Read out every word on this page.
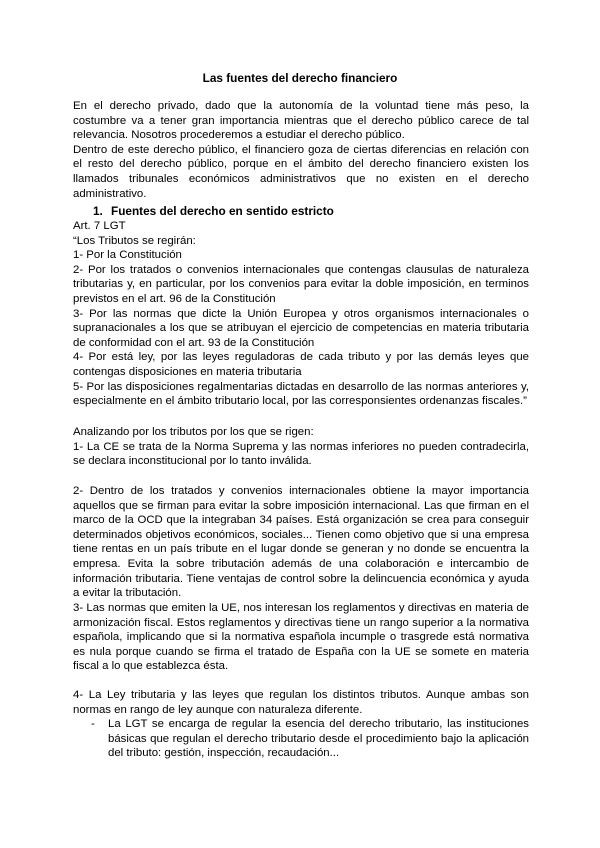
Las fuentes del derecho financiero

En el derecho privado, dado que la autonomía de la voluntad tiene más peso, la costumbre va a tener gran importancia mientras que el derecho público carece de tal relevancia. Nosotros procederemos a estudiar el derecho público.

Dentro de este derecho público, el financiero goza de ciertas diferencias en relación con el resto del derecho público, porque en el ámbito del derecho financiero existen los llamados tribunales económicos administrativos que no existen en el derecho administrativo.

1. Fuentes del derecho en sentido estricto

Art. 7 LGT

“Los Tributos se regirán:

1- Por la Constitución

2- Por los tratados o convenios internacionales que contengas clausulas de naturaleza tributarias y, en particular, por los convenios para evitar la doble imposición, en terminos previstos en el art. 96 de la Constitución

3- Por las normas que dicte la Unión Europea y otros organismos internacionales o supranacionales a los que se atribuyan el ejercicio de competencias en materia tributaria de conformidad con el art. 93 de la Constitución

4- Por está ley, por las leyes reguladoras de cada tributo y por las demás leyes que contengas disposiciones en materia tributaria

5- Por las disposiciones regalmentarias dictadas en desarrollo de las normas anteriores y, especialmente en el ámbito tributario local, por las corresponsientes ordenanzas fiscales.”

Analizando por los tributos por los que se rigen:

1- La CE se trata de la Norma Suprema y las normas inferiores no pueden contradecirla, se declara inconstitucional por lo tanto inválida.

2- Dentro de los tratados y convenios internacionales obtiene la mayor importancia aquellos que se firman para evitar la sobre imposición internacional. Las que firman en el marco de la OCD que la integraban 34 países. Está organización se crea para conseguir determinados objetivos económicos, sociales... Tienen como objetivo que si una empresa tiene rentas en un país tribute en el lugar donde se generan y no donde se encuentra la empresa. Evita la sobre tributación además de una colaboración e intercambio de información tributaria. Tiene ventajas de control sobre la delincuencia económica y ayuda a evitar la tributación.
3- Las normas que emiten la UE, nos interesan los reglamentos y directivas en materia de armonización fiscal. Estos reglamentos y directivas tiene un rango superior a la normativa española, implicando que si la normativa española incumple o trasgrede está normativa es nula porque cuando se firma el tratado de España con la UE se somete en materia fiscal a lo que establezca ésta.
4- La Ley tributaria y las leyes que regulan los distintos tributos. Aunque ambas son normas en rango de ley aunque con naturaleza diferente.
- La LGT se encarga de regular la esencia del derecho tributario, las instituciones básicas que regulan el derecho tributario desde el procedimiento bajo la aplicación del tributo: gestión, inspección, recaudación...
